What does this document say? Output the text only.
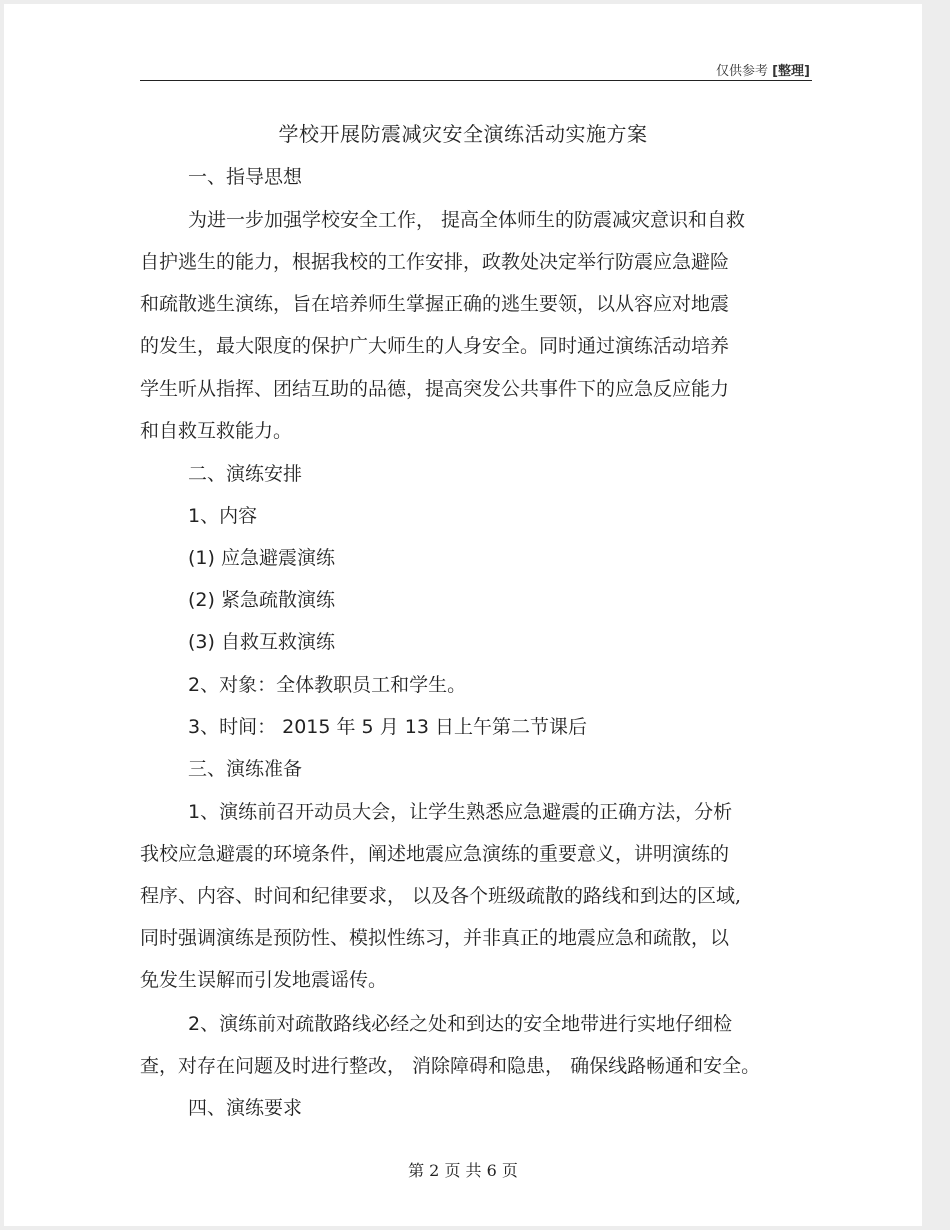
仅供参考 [整理]
学校开展防震减灾安全演练活动实施方案
一、指导思想
为进一步加强学校安全工作， 提高全体师生的防震减灾意识和自救
自护逃生的能力，根据我校的工作安排，政教处决定举行防震应急避险
和疏散逃生演练，旨在培养师生掌握正确的逃生要领，以从容应对地震
的发生，最大限度的保护广大师生的人身安全。同时通过演练活动培养
学生听从指挥、团结互助的品德，提高突发公共事件下的应急反应能力
和自救互救能力。
二、演练安排
1、内容
(1) 应急避震演练
(2) 紧急疏散演练
(3) 自救互救演练
2、对象：全体教职员工和学生。
3、时间： 2015 年 5 月 13 日上午第二节课后
三、演练准备
1、演练前召开动员大会，让学生熟悉应急避震的正确方法，分析
我校应急避震的环境条件，阐述地震应急演练的重要意义，讲明演练的
程序、内容、时间和纪律要求， 以及各个班级疏散的路线和到达的区域,
同时强调演练是预防性、模拟性练习，并非真正的地震应急和疏散，以
免发生误解而引发地震谣传。
2、演练前对疏散路线必经之处和到达的安全地带进行实地仔细检
查，对存在问题及时进行整改， 消除障碍和隐患， 确保线路畅通和安全。
四、演练要求
第 2 页 共 6 页
